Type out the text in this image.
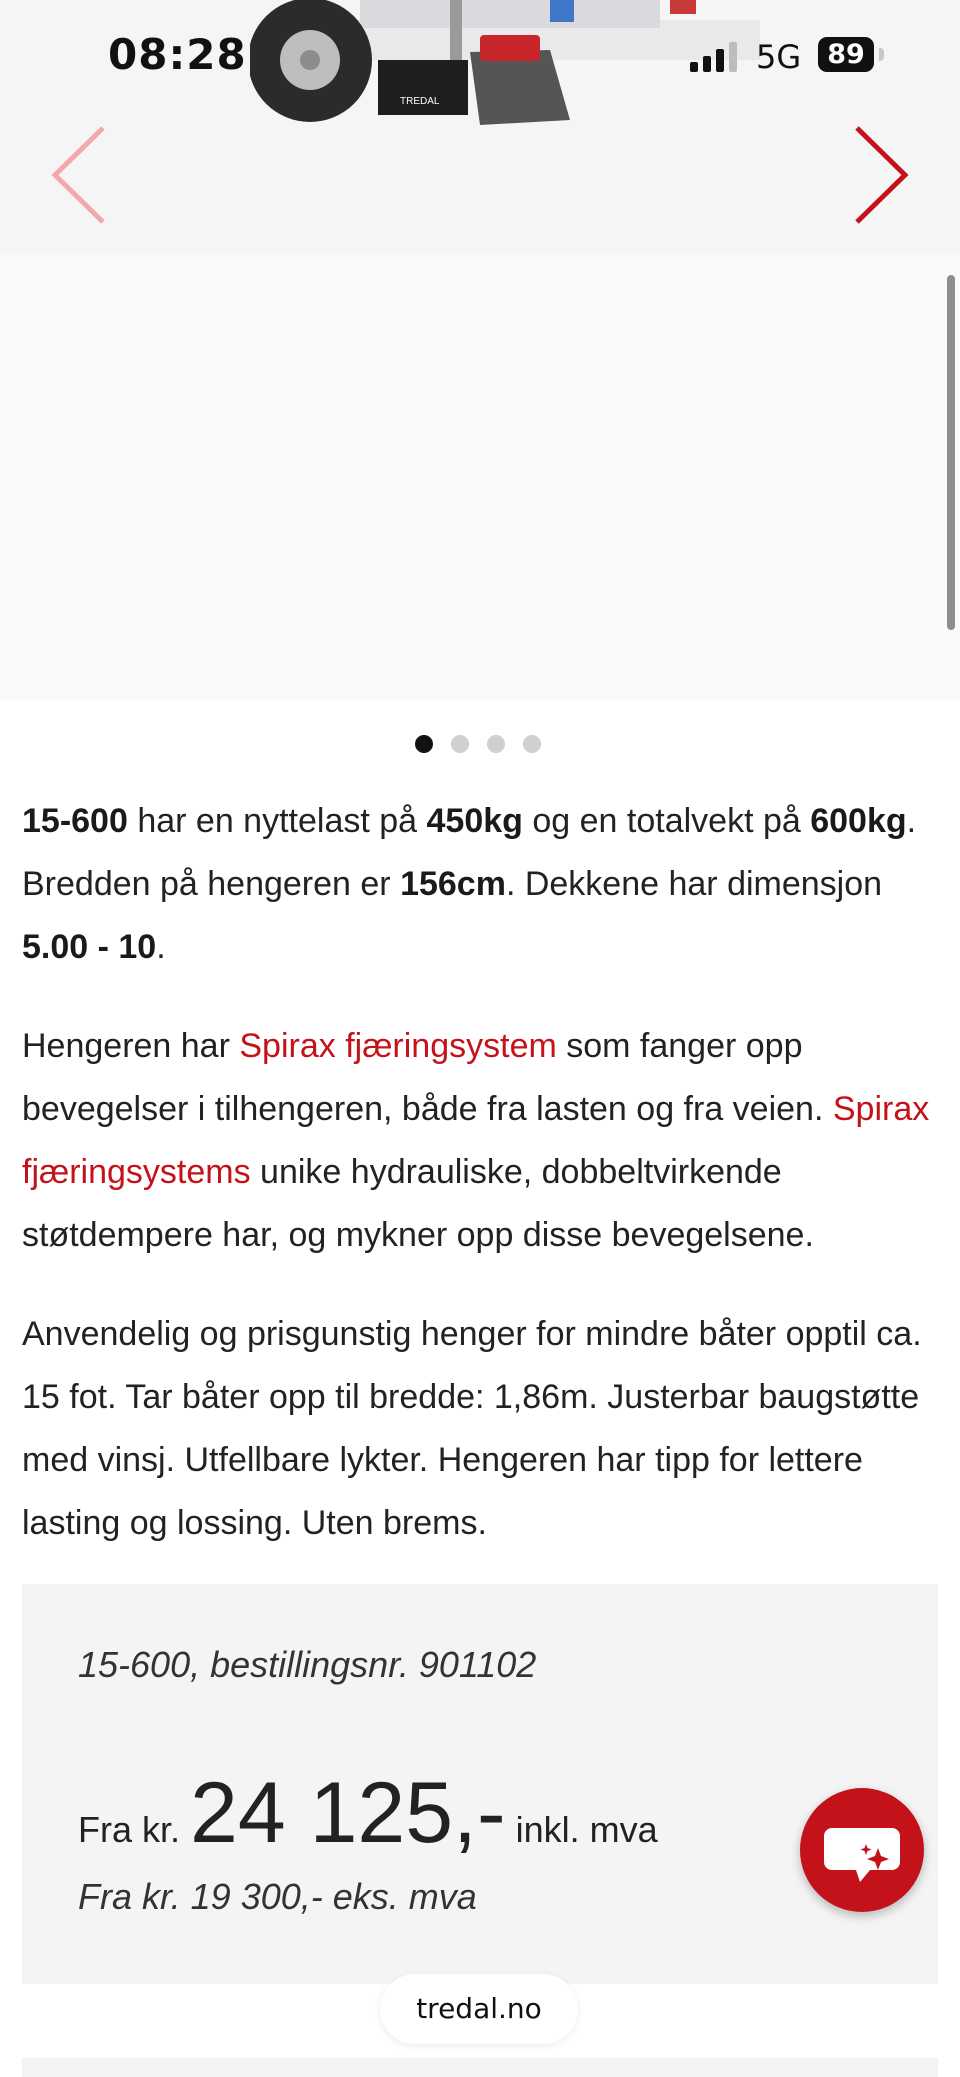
TREDAL
08:28	5G 89

15-600 har en nyttelast på 450kg og en totalvekt på 600kg. Bredden på hengeren er 156cm. Dekkene har dimensjon 5.00 - 10.

Hengeren har Spirax fjæringsystem som fanger opp bevegelser i tilhengeren, både fra lasten og fra veien. Spirax fjæringsystems unike hydrauliske, dobbeltvirkende støtdempere har, og mykner opp disse bevegelsene.

Anvendelig og prisgunstig henger for mindre båter opptil ca. 15 fot. Tar båter opp til bredde: 1,86m. Justerbar baugstøtte med vinsj. Utfellbare lykter. Hengeren har tipp for lettere lasting og lossing. Uten brems.

15-600, bestillingsnr. 901102
Fra kr. 24 125,- inkl. mva
Fra kr. 19 300,- eks. mva
tredal.no
